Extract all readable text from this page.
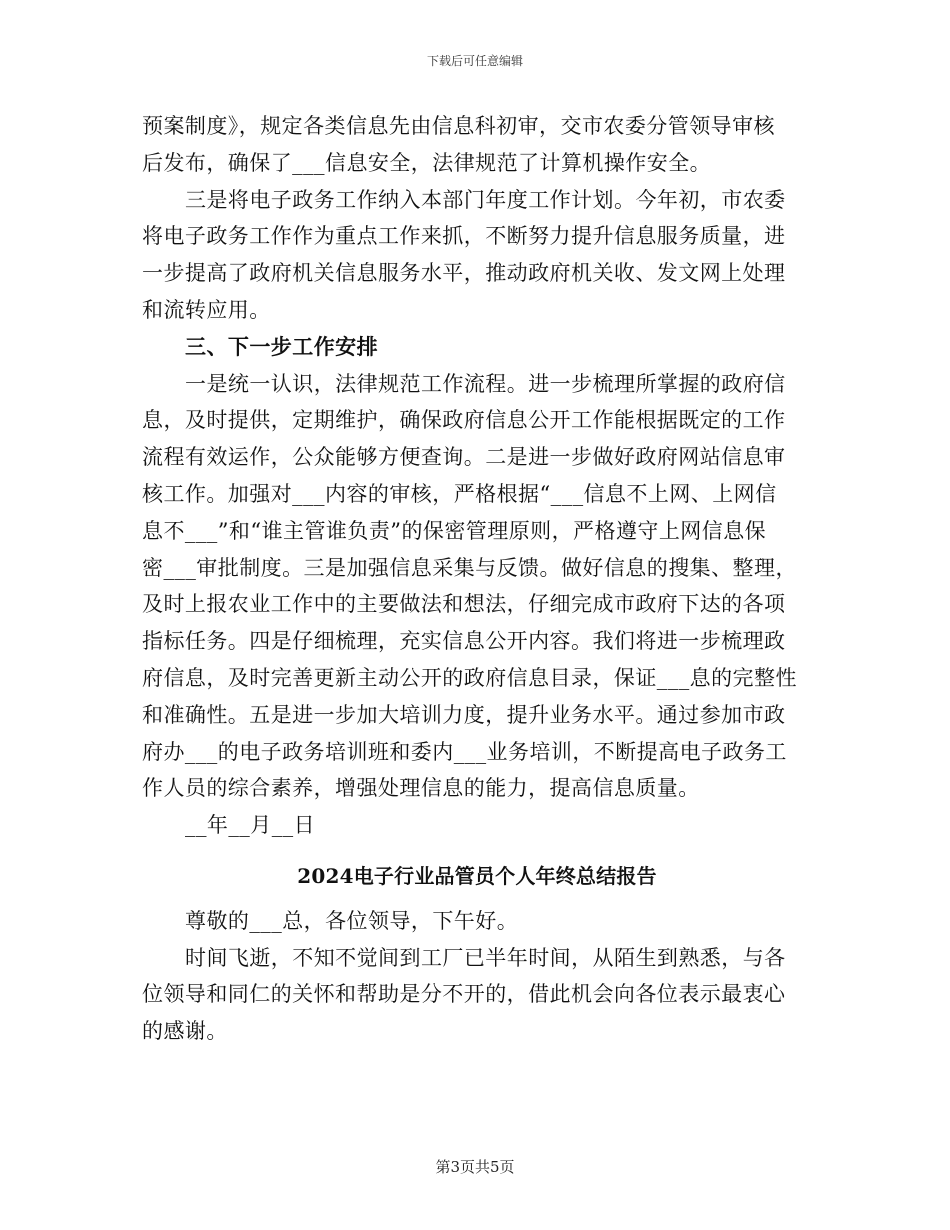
下载后可任意编辑
预案制度》，规定各类信息先由信息科初审，交市农委分管领导审核
后发布，确保了___信息安全，法律规范了计算机操作安全。
三是将电子政务工作纳入本部门年度工作计划。今年初，市农委
将电子政务工作作为重点工作来抓，不断努力提升信息服务质量，进
一步提高了政府机关信息服务水平，推动政府机关收、发文网上处理
和流转应用。
三、下一步工作安排
一是统一认识，法律规范工作流程。进一步梳理所掌握的政府信
息，及时提供，定期维护，确保政府信息公开工作能根据既定的工作
流程有效运作，公众能够方便查询。二是进一步做好政府网站信息审
核工作。加强对___内容的审核，严格根据“___信息不上网、上网信
息不___”和“谁主管谁负责”的保密管理原则，严格遵守上网信息保
密___审批制度。三是加强信息采集与反馈。做好信息的搜集、整理，
及时上报农业工作中的主要做法和想法，仔细完成市政府下达的各项
指标任务。四是仔细梳理，充实信息公开内容。我们将进一步梳理政
府信息，及时完善更新主动公开的政府信息目录，保证___息的完整性
和准确性。五是进一步加大培训力度，提升业务水平。通过参加市政
府办___的电子政务培训班和委内___业务培训，不断提高电子政务工
作人员的综合素养，增强处理信息的能力，提高信息质量。
__年__月__日
2024电子行业品管员个人年终总结报告
尊敬的___总，各位领导，下午好。
时间飞逝，不知不觉间到工厂已半年时间，从陌生到熟悉，与各
位领导和同仁的关怀和帮助是分不开的，借此机会向各位表示最衷心
的感谢。
第3页共5页
